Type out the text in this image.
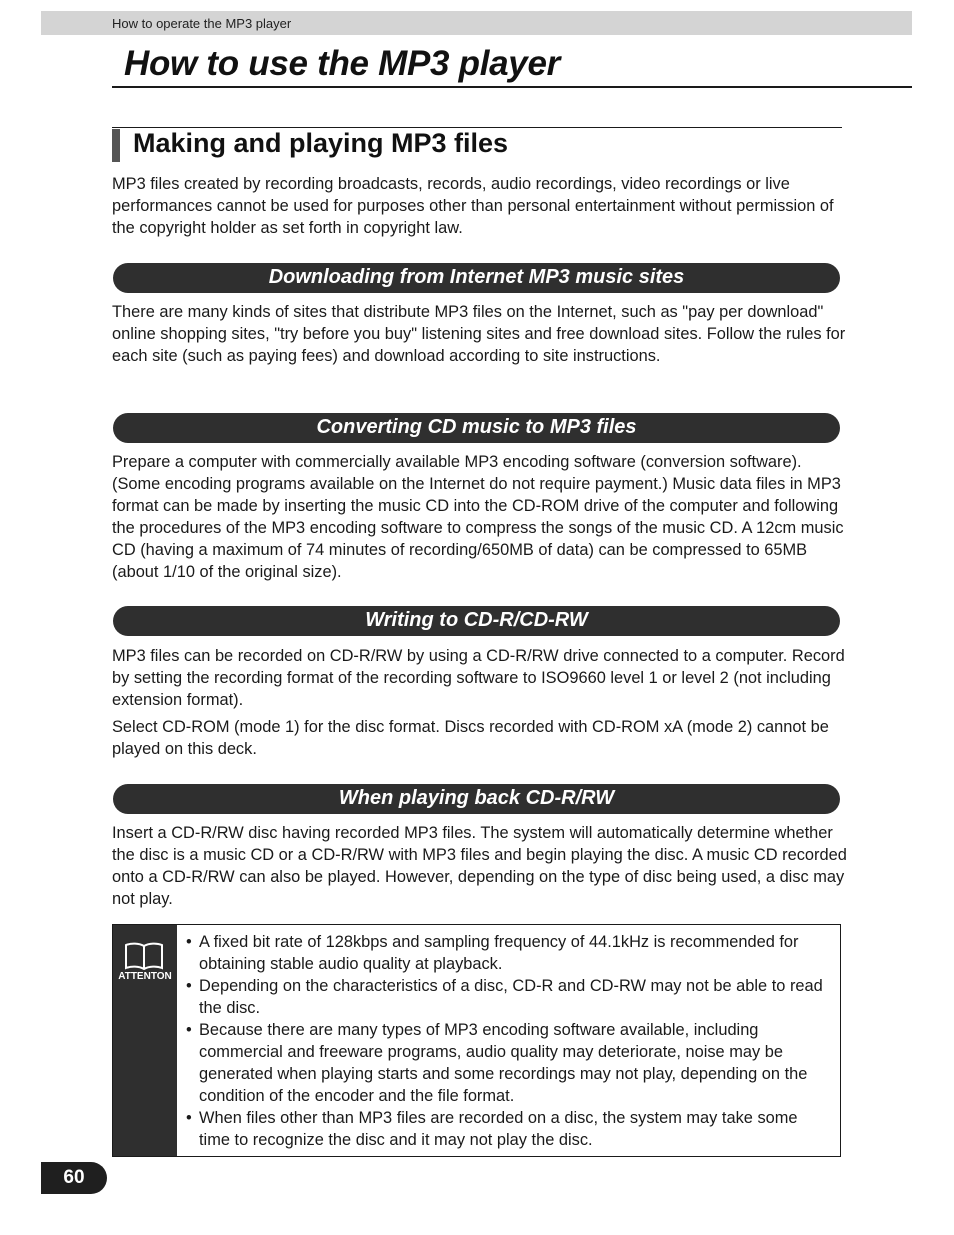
How to operate the MP3 player
How to use the MP3 player
Making and playing MP3 files

MP3 files created by recording broadcasts, records, audio recordings, video recordings or live performances cannot be used for purposes other than personal entertainment without permission of the copyright holder as set forth in copyright law.

Downloading from Internet MP3 music sites

There are many kinds of sites that distribute MP3 files on the Internet, such as "pay per download" online shopping sites, "try before you buy" listening sites and free download sites. Follow the rules for each site (such as paying fees) and download according to site instructions.

Converting CD music to MP3 files

Prepare a computer with commercially available MP3 encoding software (conversion software). (Some encoding programs available on the Internet do not require payment.) Music data files in MP3 format can be made by inserting the music CD into the CD-ROM drive of the computer and following the procedures of the MP3 encoding software to compress the songs of the music CD. A 12cm music CD (having a maximum of 74 minutes of recording/650MB of data) can be compressed to 65MB (about 1/10 of the original size).

Writing to CD-R/CD-RW

MP3 files can be recorded on CD-R/RW by using a CD-R/RW drive connected to a computer. Record by setting the recording format of the recording software to ISO9660 level 1 or level 2 (not including extension format).

Select CD-ROM (mode 1) for the disc format. Discs recorded with CD-ROM xA (mode 2) cannot be played on this deck.

When playing back CD-R/RW

Insert a CD-R/RW disc having recorded MP3 files. The system will automatically determine whether the disc is a music CD or a CD-R/RW with MP3 files and begin playing the disc. A music CD recorded onto a CD-R/RW can also be played. However, depending on the type of disc being used, a disc may not play.

ATTENTON
• A fixed bit rate of 128kbps and sampling frequency of 44.1kHz is recommended for obtaining stable audio quality at playback.
• Depending on the characteristics of a disc, CD-R and CD-RW may not be able to read the disc.
• Because there are many types of MP3 encoding software available, including commercial and freeware programs, audio quality may deteriorate, noise may be generated when playing starts and some recordings may not play, depending on the condition of the encoder and the file format.
• When files other than MP3 files are recorded on a disc, the system may take some time to recognize the disc and it may not play the disc.
60
